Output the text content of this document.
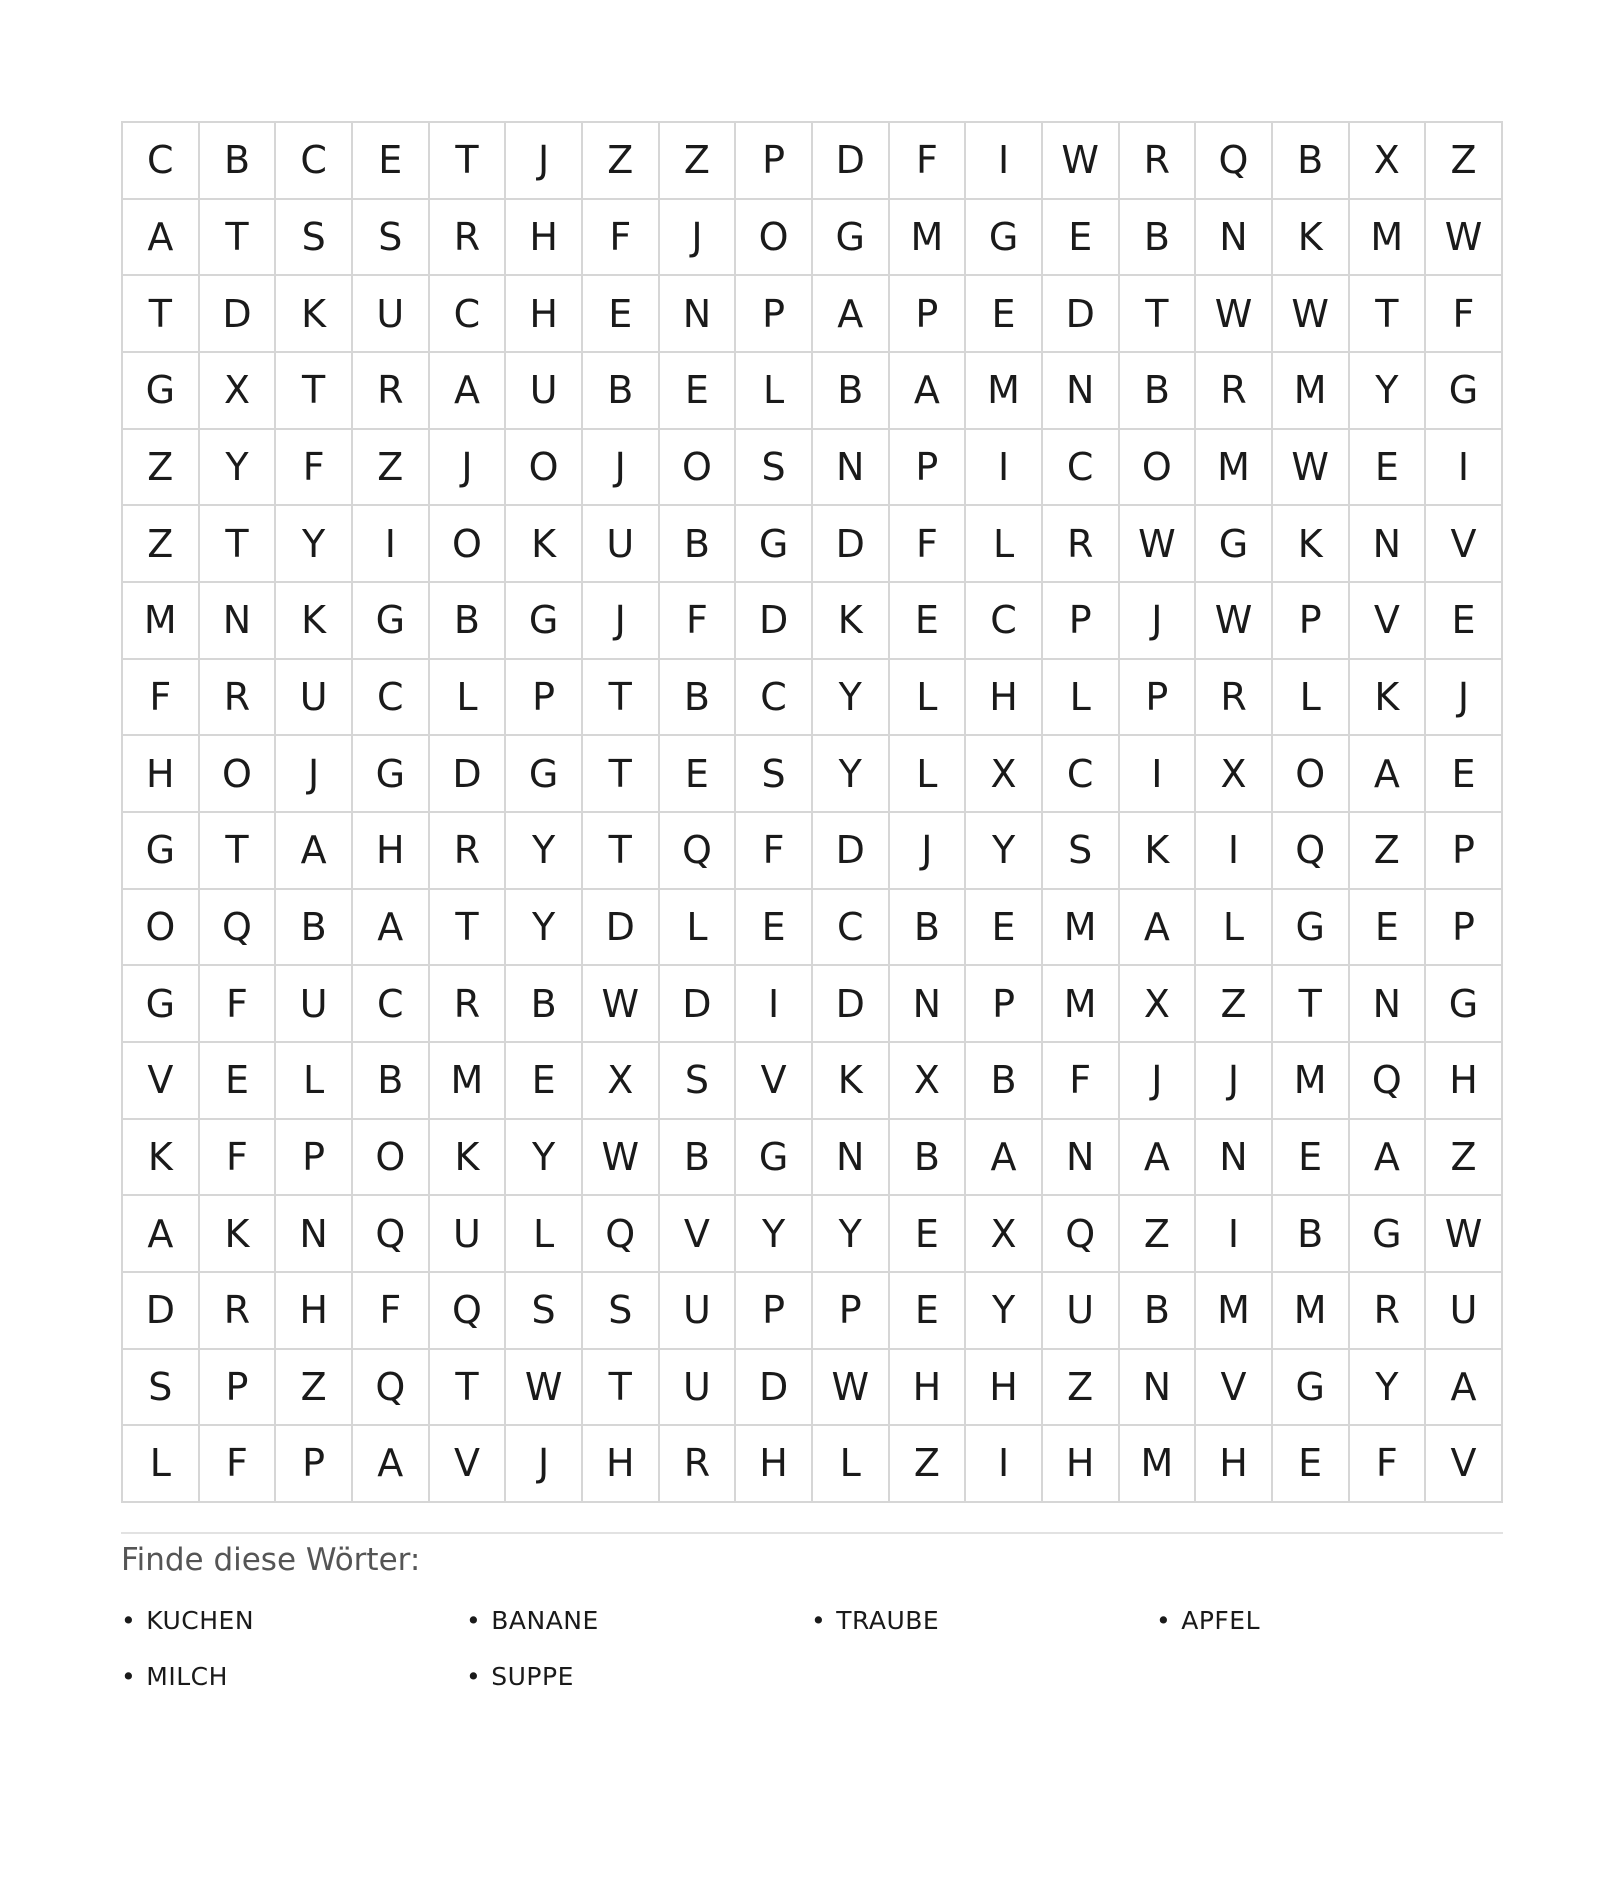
C	B	C	E	T	J	Z	Z	P	D	F	I	W	R	Q	B	X	Z
A	T	S	S	R	H	F	J	O	G	M	G	E	B	N	K	M	W
T	D	K	U	C	H	E	N	P	A	P	E	D	T	W	W	T	F
G	X	T	R	A	U	B	E	L	B	A	M	N	B	R	M	Y	G
Z	Y	F	Z	J	O	J	O	S	N	P	I	C	O	M	W	E	I
Z	T	Y	I	O	K	U	B	G	D	F	L	R	W	G	K	N	V
M	N	K	G	B	G	J	F	D	K	E	C	P	J	W	P	V	E
F	R	U	C	L	P	T	B	C	Y	L	H	L	P	R	L	K	J
H	O	J	G	D	G	T	E	S	Y	L	X	C	I	X	O	A	E
G	T	A	H	R	Y	T	Q	F	D	J	Y	S	K	I	Q	Z	P
O	Q	B	A	T	Y	D	L	E	C	B	E	M	A	L	G	E	P
G	F	U	C	R	B	W	D	I	D	N	P	M	X	Z	T	N	G
V	E	L	B	M	E	X	S	V	K	X	B	F	J	J	M	Q	H
K	F	P	O	K	Y	W	B	G	N	B	A	N	A	N	E	A	Z
A	K	N	Q	U	L	Q	V	Y	Y	E	X	Q	Z	I	B	G	W
D	R	H	F	Q	S	S	U	P	P	E	Y	U	B	M	M	R	U
S	P	Z	Q	T	W	T	U	D	W	H	H	Z	N	V	G	Y	A
L	F	P	A	V	J	H	R	H	L	Z	I	H	M	H	E	F	V
Finde diese Wörter:
• KUCHEN	• BANANE	• TRAUBE	• APFEL
• MILCH	• SUPPE
